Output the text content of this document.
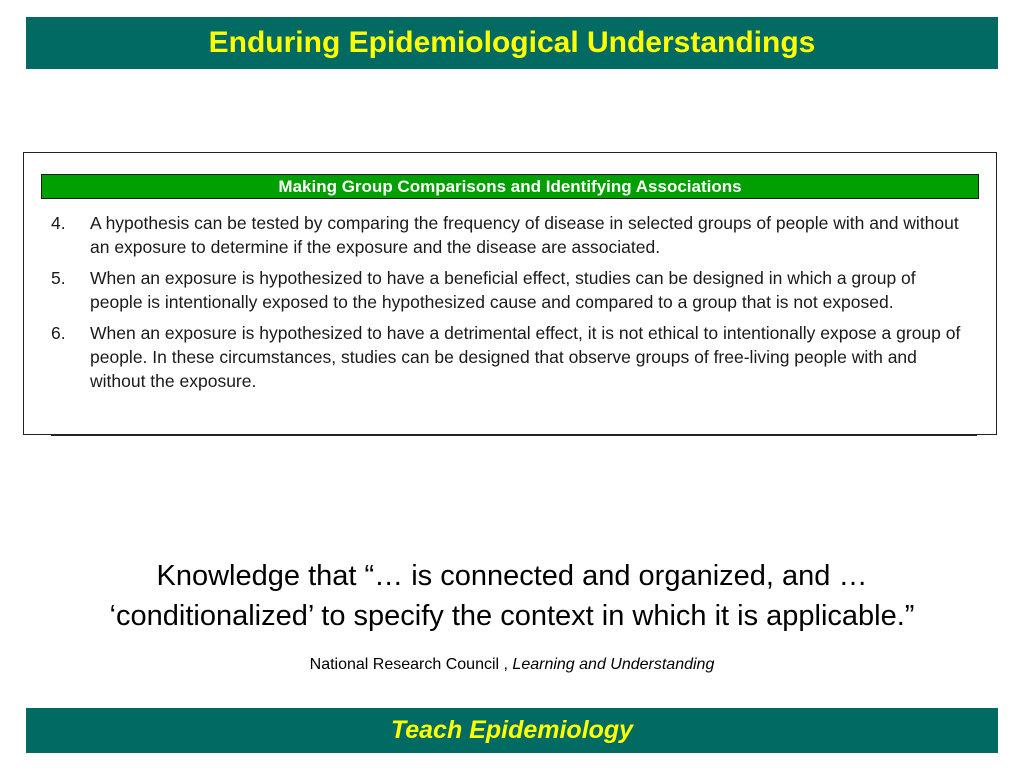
Enduring Epidemiological Understandings
Making Group Comparisons and Identifying Associations
4.	A hypothesis can be tested by comparing the frequency of disease in selected groups of people with and without an exposure to determine if the exposure and the disease are associated.
5.	When an exposure is hypothesized to have a beneficial effect, studies can be designed in which a group of people is intentionally exposed to the hypothesized cause and compared to a group that is not exposed.
6.	When an exposure is hypothesized to have a detrimental effect, it is not ethical to intentionally expose a group of people. In these circumstances, studies can be designed that observe groups of free-living people with and without the exposure.
Knowledge that “… is connected and organized, and …
‘conditionalized’ to specify the context in which it is applicable.”
National Research Council , Learning and Understanding
Teach Epidemiology
